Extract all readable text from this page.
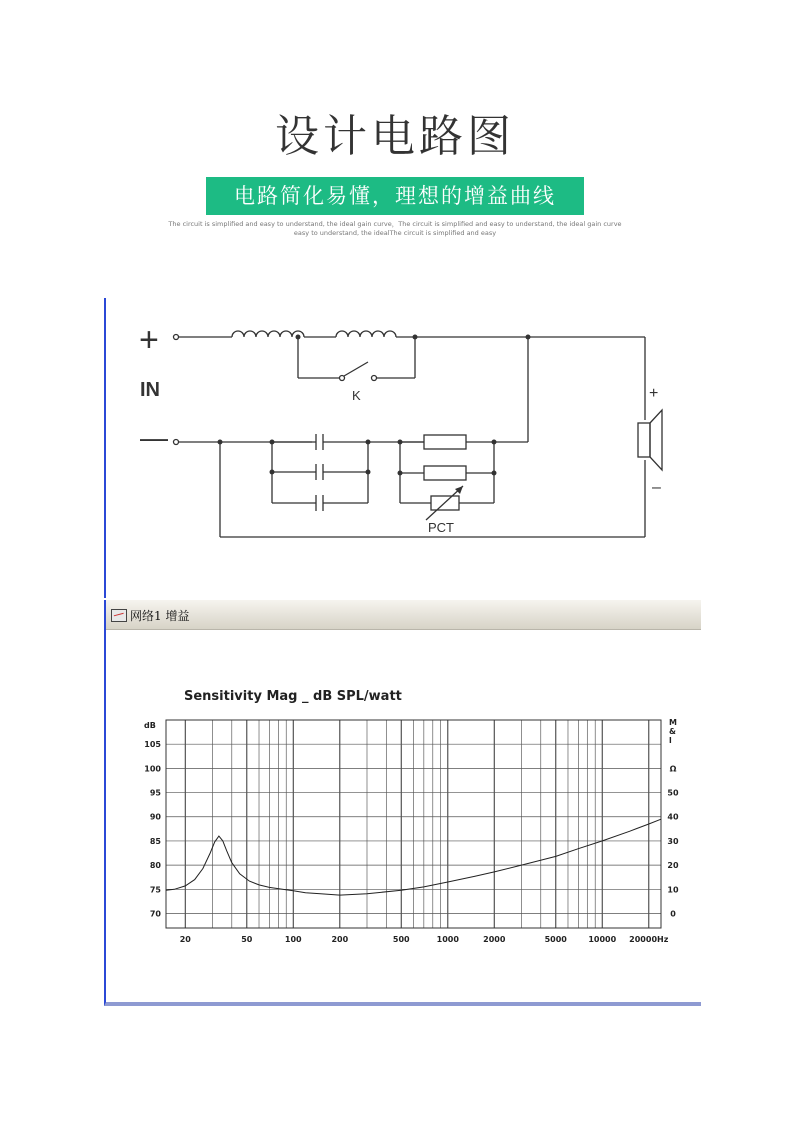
设计电路图
电路简化易懂，理想的增益曲线
The circuit is simplified and easy to understand, the ideal gain curve，The circuit is simplified and easy to understand, the ideal gain curve
easy to understand, the idealThe circuit is simplified and easy
+
IN
—
K
PCT
+
–
网络1 增益
Sensitivity Mag _ dB SPL/watt
dB
105
100
95
90
85
80
75
70
Ω
50
40
30
20
10
0
20	50	100	200	500	1000	2000	5000	10000 20000Hz
M
&
l
